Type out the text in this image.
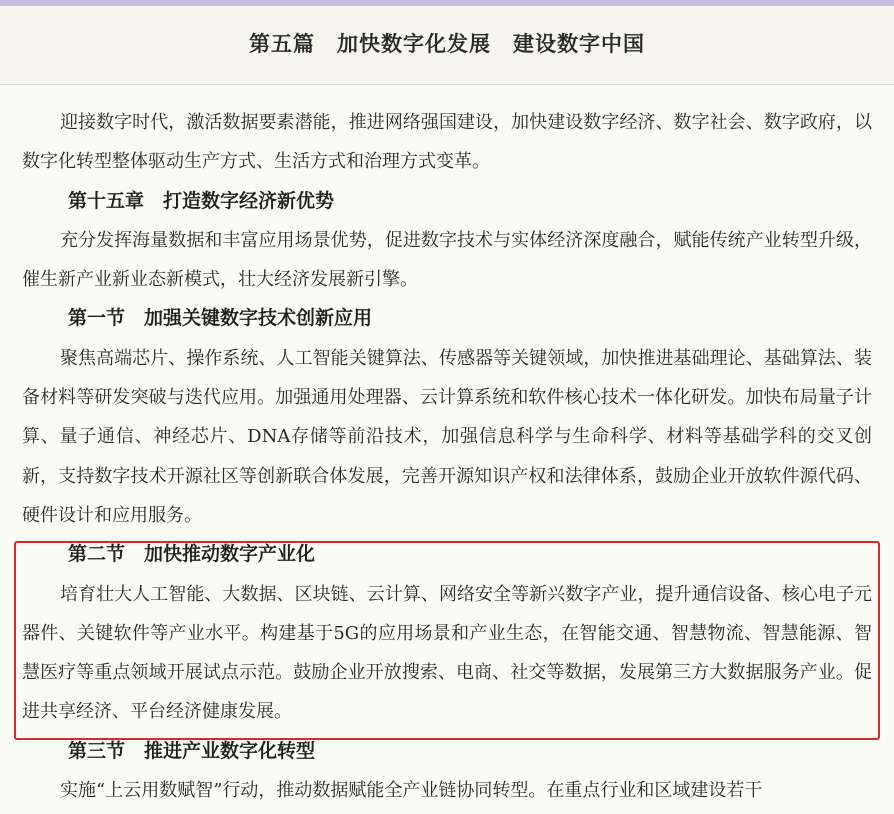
第五篇　加快数字化发展　建设数字中国

迎接数字时代，激活数据要素潜能，推进网络强国建设，加快建设数字经济、数字社会、数字政府，以数字化转型整体驱动生产方式、生活方式和治理方式变革。

第十五章　打造数字经济新优势

充分发挥海量数据和丰富应用场景优势，促进数字技术与实体经济深度融合，赋能传统产业转型升级，催生新产业新业态新模式，壮大经济发展新引擎。

第一节　加强关键数字技术创新应用

聚焦高端芯片、操作系统、人工智能关键算法、传感器等关键领域，加快推进基础理论、基础算法、装备材料等研发突破与迭代应用。加强通用处理器、云计算系统和软件核心技术一体化研发。加快布局量子计算、量子通信、神经芯片、DNA存储等前沿技术，加强信息科学与生命科学、材料等基础学科的交叉创新，支持数字技术开源社区等创新联合体发展，完善开源知识产权和法律体系，鼓励企业开放软件源代码、硬件设计和应用服务。

第二节　加快推动数字产业化

培育壮大人工智能、大数据、区块链、云计算、网络安全等新兴数字产业，提升通信设备、核心电子元器件、关键软件等产业水平。构建基于5G的应用场景和产业生态，在智能交通、智慧物流、智慧能源、智慧医疗等重点领域开展试点示范。鼓励企业开放搜索、电商、社交等数据，发展第三方大数据服务产业。促进共享经济、平台经济健康发展。

第三节　推进产业数字化转型

实施“上云用数赋智”行动，推动数据赋能全产业链协同转型。在重点行业和区域建设若干
